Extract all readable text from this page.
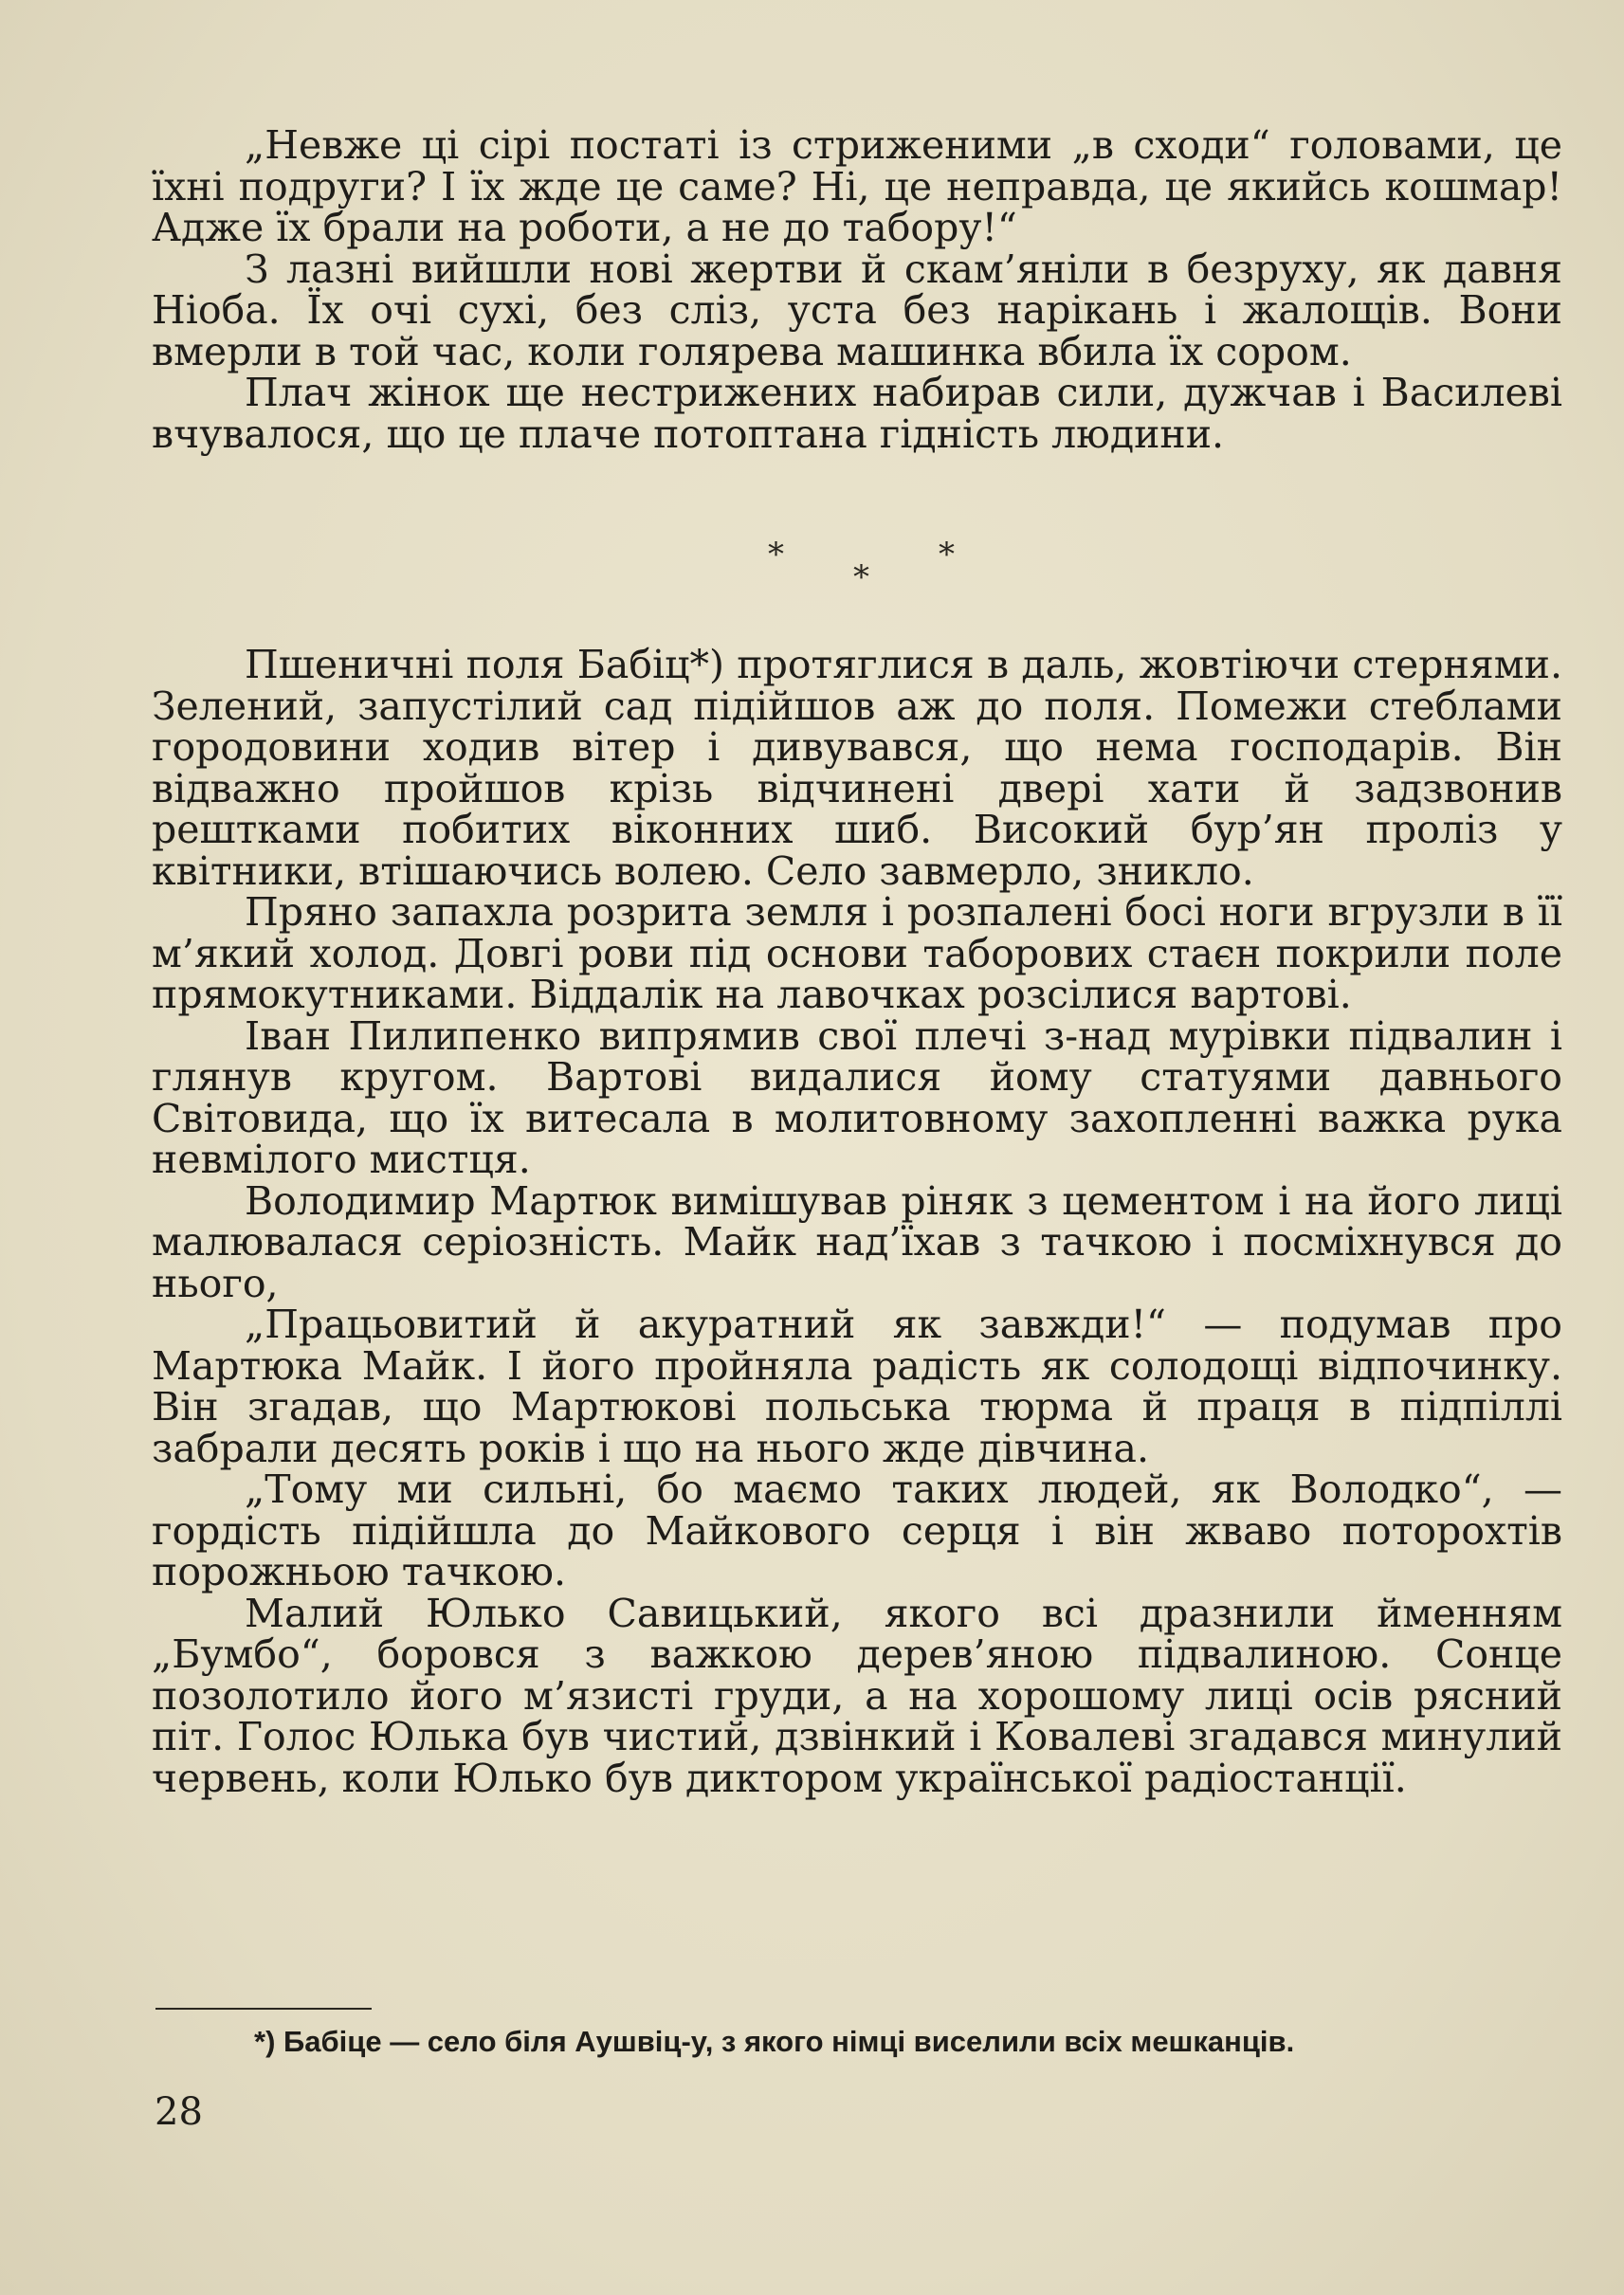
„Невже ці сірі постаті із стриженими „в сходи“ головами, це їхні подруги? І їх жде це саме? Ні, це неправда, це якийсь кошмар! Адже їх брали на роботи, а не до табору!“

З лазні вийшли нові жертви й скам’яніли в безруху, як давня Ніоба. Їх очі сухі, без сліз, уста без нарікань і жалощів. Вони вмерли в той час, коли голярева машинка вбила їх сором.

Плач жінок ще нестрижених набирав сили, дужчав і Василеві вчувалося, що це плаче потоптана гідність людини.

*
*
*

Пшеничні поля Бабіц*) протяглися в даль, жовтіючи стернями. Зелений, запустілий сад підійшов аж до поля. Помежи стеблами городовини ходив вітер і дивувався, що нема господарів. Він відважно пройшов крізь відчинені двері хати й задзвонив рештками побитих віконних шиб. Високий бур’ян проліз у квітники, втішаючись волею. Село завмерло, зникло.

Пряно запахла розрита земля і розпалені босі ноги вгрузли в її м’який холод. Довгі рови під основи таборових стаєн покрили поле прямокутниками. Віддалік на лавочках розсілися вартові.

Іван Пилипенко випрямив свої плечі з-над мурівки підвалин і глянув кругом. Вартові видалися йому статуями давнього Світовида, що їх витесала в молитовному захопленні важка рука невмілого мистця.

Володимир Мартюк вимішував ріняк з цементом і на його лиці малювалася серіозність. Майк над’їхав з тачкою і посміхнувся до нього,

„Працьовитий й акуратний як завжди!“ — подумав про Мартюка Майк. І його пройняла радість як солодощі відпочинку. Він згадав, що Мартюкові польська тюрма й праця в підпіллі забрали десять років і що на нього жде дівчина.

„Тому ми сильні, бо маємо таких людей, як Володко“, — гордість підійшла до Майкового серця і він жваво поторохтів порожньою тачкою.

Малий Юлько Савицький, якого всі дразнили йменням „Бумбо“, боровся з важкою дерев’яною підвалиною. Сонце позолотило його м’язисті груди, а на хорошому лиці осів рясний піт. Голос Юлька був чистий, дзвінкий і Ковалеві згадався минулий червень, коли Юлько був диктором української радіостанції.

*) Бабіце — село біля Аушвіц-у, з якого німці виселили всіх мешканців.
28
